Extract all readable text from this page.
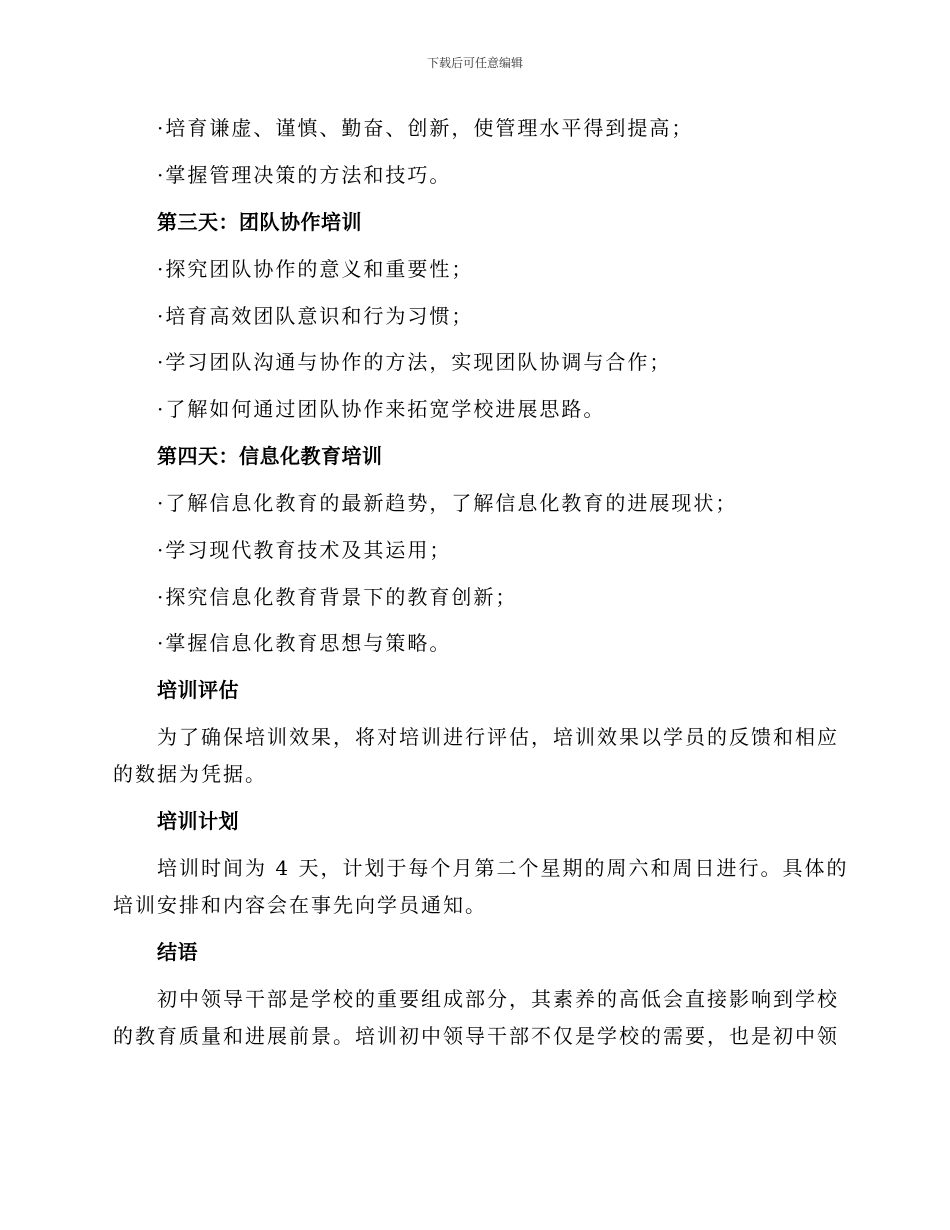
下载后可任意编辑
·培育谦虚、谨慎、勤奋、创新，使管理水平得到提高；
·掌握管理决策的方法和技巧。
第三天：团队协作培训
·探究团队协作的意义和重要性；
·培育高效团队意识和行为习惯；
·学习团队沟通与协作的方法，实现团队协调与合作；
·了解如何通过团队协作来拓宽学校进展思路。
第四天：信息化教育培训
·了解信息化教育的最新趋势，了解信息化教育的进展现状；
·学习现代教育技术及其运用；
·探究信息化教育背景下的教育创新；
·掌握信息化教育思想与策略。
培训评估
为了确保培训效果，将对培训进行评估，培训效果以学员的反馈和相应
的数据为凭据。
培训计划
培训时间为 4 天，计划于每个月第二个星期的周六和周日进行。具体的
培训安排和内容会在事先向学员通知。
结语
初中领导干部是学校的重要组成部分，其素养的高低会直接影响到学校
的教育质量和进展前景。培训初中领导干部不仅是学校的需要，也是初中领
